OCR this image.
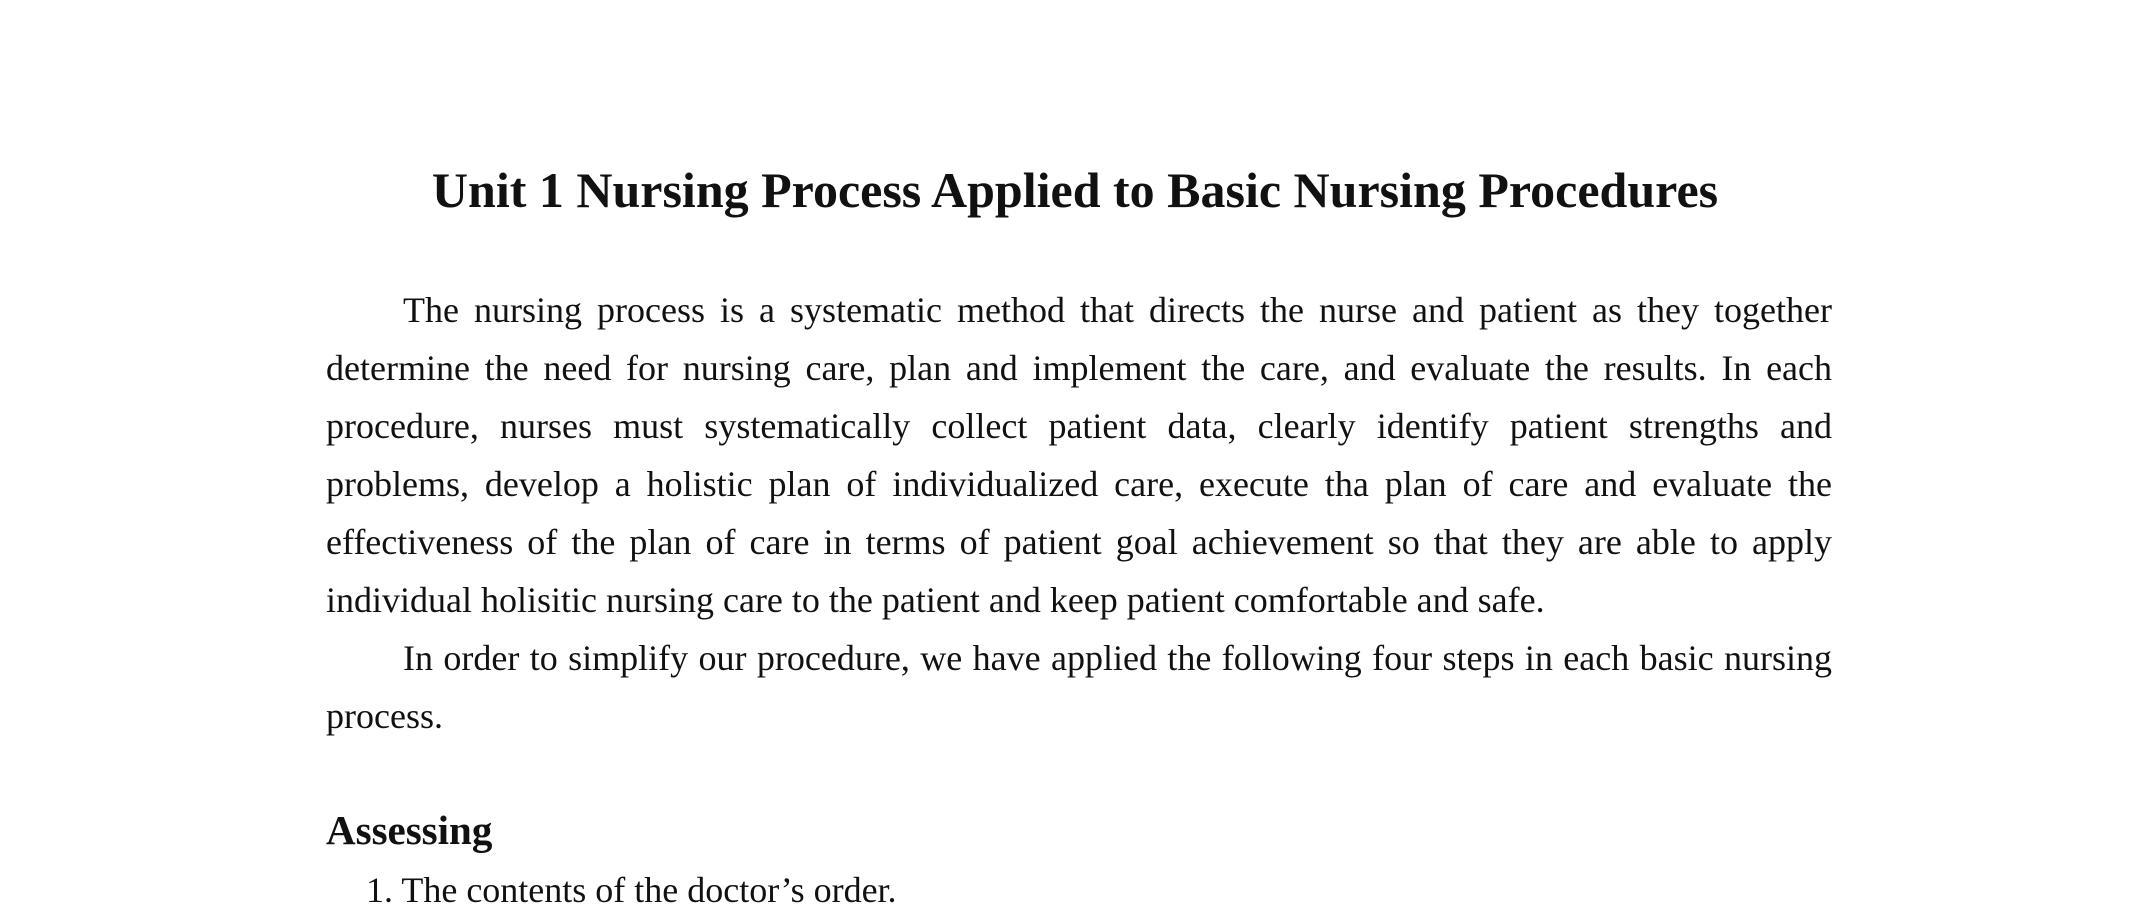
Unit 1 Nursing Process Applied to Basic Nursing Procedures

The nursing process is a systematic method that directs the nurse and patient as they together determine the need for nursing care, plan and implement the care, and evaluate the results. In each procedure, nurses must systematically collect patient data, clearly identify patient strengths and problems, develop a holistic plan of individualized care, execute tha plan of care and evaluate the effectiveness of the plan of care in terms of patient goal achievement so that they are able to apply individual holisitic nursing care to the patient and keep patient comfortable and safe.

In order to simplify our procedure, we have applied the following four steps in each basic nursing process.

Assessing
1. The contents of the doctor’s order.
